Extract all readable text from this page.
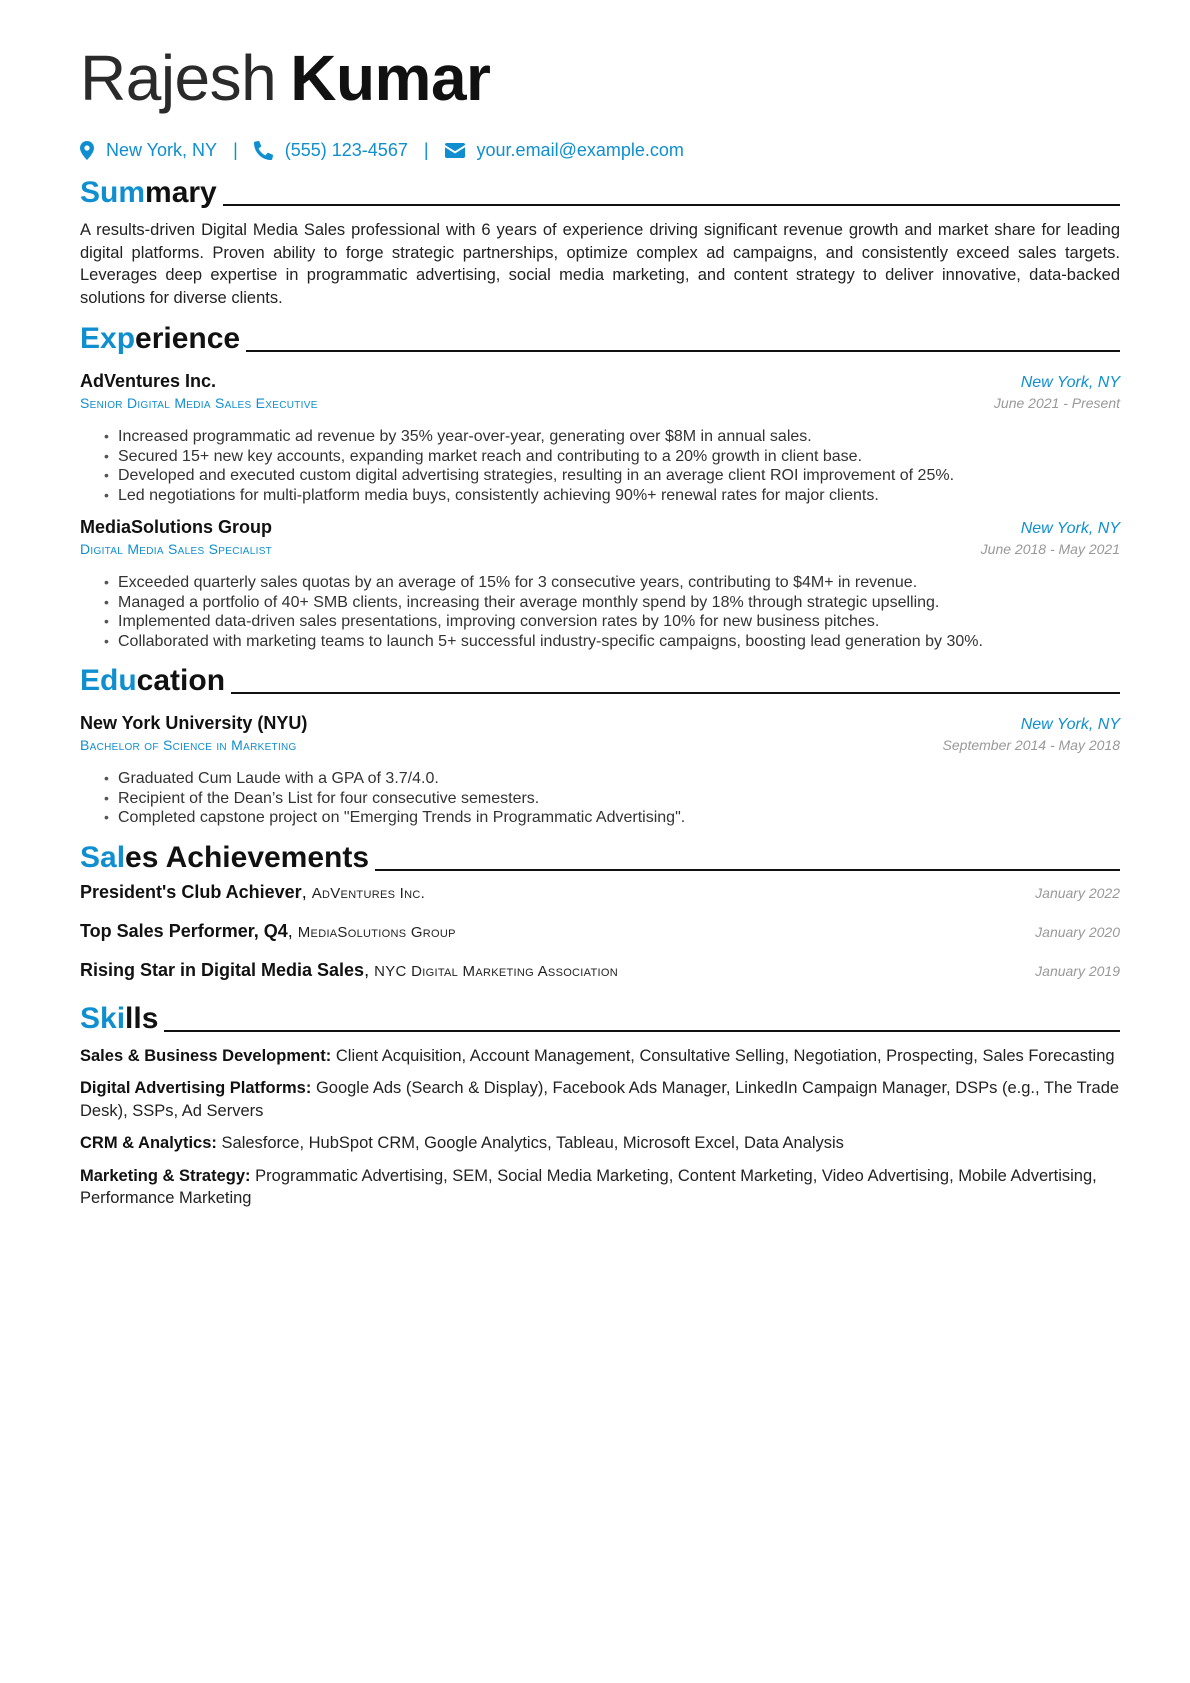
Rajesh Kumar
New York, NY |	(555) 123-4567 |	your.email@example.com
Summary
A results-driven Digital Media Sales professional with 6 years of experience driving significant revenue growth and market share for leading digital platforms. Proven ability to forge strategic partnerships, optimize complex ad campaigns, and consistently exceed sales targets. Leverages deep expertise in programmatic advertising, social media marketing, and content strategy to deliver innovative, data-backed solutions for diverse clients.
Experience
AdVentures Inc.	New York, NY
Senior Digital Media Sales Executive	June 2021 - Present
• Increased programmatic ad revenue by 35% year-over-year, generating over $8M in annual sales.
• Secured 15+ new key accounts, expanding market reach and contributing to a 20% growth in client base.
• Developed and executed custom digital advertising strategies, resulting in an average client ROI improvement of 25%.
• Led negotiations for multi-platform media buys, consistently achieving 90%+ renewal rates for major clients.
MediaSolutions Group	New York, NY
Digital Media Sales Specialist	June 2018 - May 2021
• Exceeded quarterly sales quotas by an average of 15% for 3 consecutive years, contributing to $4M+ in revenue.
• Managed a portfolio of 40+ SMB clients, increasing their average monthly spend by 18% through strategic upselling.
• Implemented data-driven sales presentations, improving conversion rates by 10% for new business pitches.
• Collaborated with marketing teams to launch 5+ successful industry-specific campaigns, boosting lead generation by 30%.
Education
New York University (NYU)	New York, NY
Bachelor of Science in Marketing	September 2014 - May 2018
• Graduated Cum Laude with a GPA of 3.7/4.0.
• Recipient of the Dean’s List for four consecutive semesters.
• Completed capstone project on "Emerging Trends in Programmatic Advertising".
Sales Achievements
President's Club Achiever, AdVentures Inc.	January 2022
Top Sales Performer, Q4, MediaSolutions Group	January 2020
Rising Star in Digital Media Sales, NYC Digital Marketing Association	January 2019
Skills
Sales & Business Development: Client Acquisition, Account Management, Consultative Selling, Negotiation, Prospecting, Sales Forecasting
Digital Advertising Platforms: Google Ads (Search & Display), Facebook Ads Manager, LinkedIn Campaign Manager, DSPs (e.g., The Trade Desk), SSPs, Ad Servers
CRM & Analytics: Salesforce, HubSpot CRM, Google Analytics, Tableau, Microsoft Excel, Data Analysis
Marketing & Strategy: Programmatic Advertising, SEM, Social Media Marketing, Content Marketing, Video Advertising, Mobile Advertising, Performance Marketing
